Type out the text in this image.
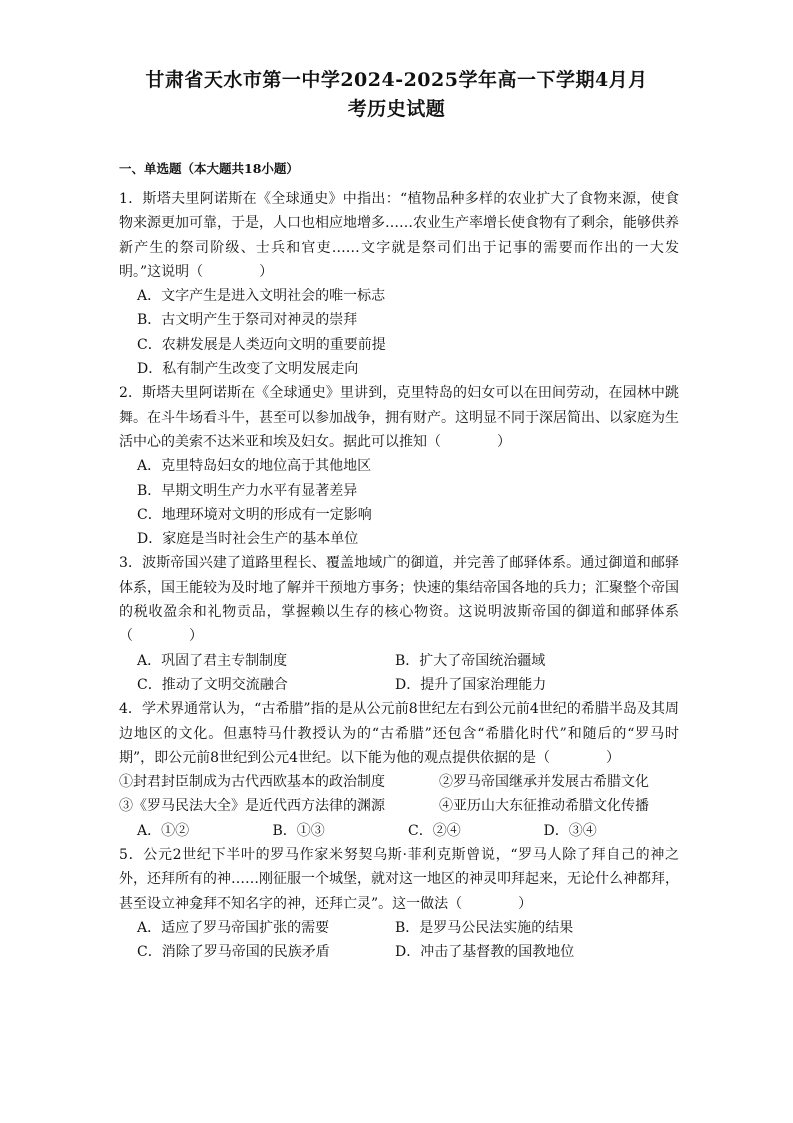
甘肃省天水市第一中学2024-2025学年高一下学期4月月
考历史试题
一、单选题（本大题共18小题）

1．斯塔夫里阿诺斯在《全球通史》中指出：“植物品种多样的农业扩大了食物来源，使食物来源更加可靠，于是，人口也相应地增多……农业生产率增长使食物有了剩余，能够供养新产生的祭司阶级、士兵和官吏……文字就是祭司们出于记事的需要而作出的一大发明。”这说明（　　　　）

A．文字产生是进入文明社会的唯一标志
B．古文明产生于祭司对神灵的崇拜
C．农耕发展是人类迈向文明的重要前提
D．私有制产生改变了文明发展走向

2．斯塔夫里阿诺斯在《全球通史》里讲到，克里特岛的妇女可以在田间劳动，在园林中跳舞。在斗牛场看斗牛，甚至可以参加战争，拥有财产。这明显不同于深居简出、以家庭为生活中心的美索不达米亚和埃及妇女。据此可以推知（　　　　）

A．克里特岛妇女的地位高于其他地区
B．早期文明生产力水平有显著差异
C．地理环境对文明的形成有一定影响
D．家庭是当时社会生产的基本单位

3．波斯帝国兴建了道路里程长、覆盖地域广的御道，并完善了邮驿体系。通过御道和邮驿体系，国王能较为及时地了解并干预地方事务；快速的集结帝国各地的兵力；汇聚整个帝国的税收盈余和礼物贡品，掌握赖以生存的核心物资。这说明波斯帝国的御道和邮驿体系（　　　　）

A．巩固了君主专制制度	B．扩大了帝国统治疆域
C．推动了文明交流融合	D．提升了国家治理能力

4．学术界通常认为，“古希腊”指的是从公元前8世纪左右到公元前4世纪的希腊半岛及其周边地区的文化。但惠特马什教授认为的“古希腊”还包含“希腊化时代”和随后的“罗马时期”，即公元前8世纪到公元4世纪。以下能为他的观点提供依据的是（　　　　）

①封君封臣制成为古代西欧基本的政治制度	②罗马帝国继承并发展古希腊文化
③《罗马民法大全》是近代西方法律的渊源	④亚历山大东征推动希腊文化传播
A．①②	B．①③	C．②④	D．③④

5．公元2世纪下半叶的罗马作家米努契乌斯·菲利克斯曾说，“罗马人除了拜自己的神之外，还拜所有的神……刚征服一个城堡，就对这一地区的神灵叩拜起来，无论什么神都拜，甚至设立神龛拜不知名字的神，还拜亡灵”。这一做法（　　　　）

A．适应了罗马帝国扩张的需要	B．是罗马公民法实施的结果
C．消除了罗马帝国的民族矛盾	D．冲击了基督教的国教地位
